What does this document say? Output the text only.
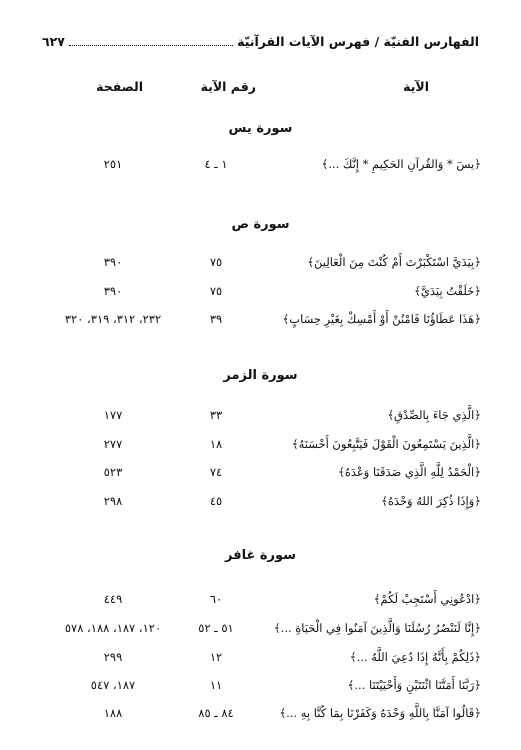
الفهارس الفنيّة / فهرس الآيات القرآنيّة
٦٢٧
الآية
رقم الآية
الصفحة
سورة يس
﴿يسٓ * وَالقُرآنِ الحَكِيمِ * إِنَّكَ ...﴾
١ ـ ٤
٢٥١
سورة ص
﴿بِيَدَيَّ اسْتَكْبَرْتَ أَمْ كُنْتَ مِنَ الْعَالِينَ﴾
٧٥
٣٩٠
﴿خَلَقْتُ بِيَدَيَّ﴾
٧٥
٣٩٠
﴿هَذَا عَطَاؤُنَا فَامْنُنْ أَوْ أَمْسِكْ بِغَيْرِ حِسَابٍ﴾
٣٩
٢٣٢، ٣١٢، ٣١٩، ٣٢٠
سورة الزمر
﴿الَّذِي جَاءَ بِالصِّدْقِ﴾
٣٣
١٧٧
﴿الَّذِينَ يَسْتَمِعُونَ الْقَوْلَ فَيَتَّبِعُونَ أَحْسَنَهُ﴾
١٨
٢٧٧
﴿الْحَمْدُ لِلَّهِ الَّذِي صَدَقَنَا وَعْدَهُ﴾
٧٤
٥٢٣
﴿وَإِذَا ذُكِرَ اللهُ وَحْدَهُ﴾
٤٥
٢٩٨
سورة غافر
﴿ادْعُونِي أَسْتَجِبْ لَكُمْ﴾
٦٠
٤٤٩
﴿إِنَّا لَنَنْصُرُ رُسُلَنَا وَالَّذِينَ آمَنُوا فِي الْحَيَاةِ ...﴾
٥١ ـ ٥٢
١٢٠، ١٨٧، ١٨٨، ٥٧٨
﴿ذَلِكُمْ بِأَنَّهُ إِذَا دُعِيَ اللَّهُ ...﴾
١٢
٢٩٩
﴿رَبَّنَا أَمَتَّنَا اثْنَتَيْنِ وَأَحْيَيْتَنَا ...﴾
١١
١٨٧، ٥٤٧
﴿قَالُوا آمَنَّا بِاللَّهِ وَحْدَهُ وَكَفَرْنَا بِمَا كُنَّا بِهِ ...﴾
٨٤ ـ ٨٥
١٨٨
